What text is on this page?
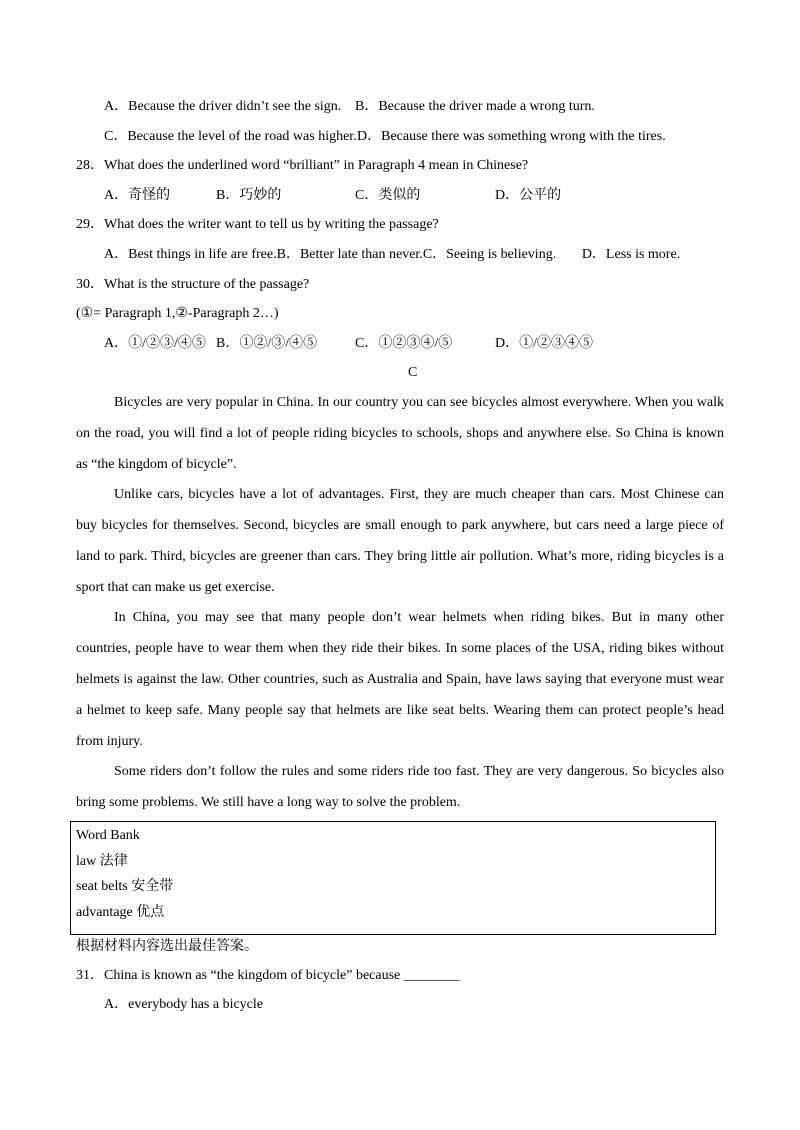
A．Because the driver didn’t see the sign. B．Because the driver made a wrong turn.
C．Because the level of the road was higher. D．Because there was something wrong with the tires.
28．What does the underlined word “brilliant” in Paragraph 4 mean in Chinese?
A．奇怪的	B．巧妙的	C．类似的	D．公平的
29．What does the writer want to tell us by writing the passage?
A．Best things in life are free. B．Better late than never. C．Seeing is believing.	D．Less is more.
30．What is the structure of the passage?
(①= Paragraph 1,②-Paragraph 2…)
A．①/②③/④⑤ B．①②/③/④⑤	C．①②③④/⑤	D．①/②③④⑤
C
Bicycles are very popular in China. In our country you can see bicycles almost everywhere. When you walk
on the road, you will find a lot of people riding bicycles to schools, shops and anywhere else. So China is known
as “the kingdom of bicycle”.
Unlike cars, bicycles have a lot of advantages. First, they are much cheaper than cars. Most Chinese can
buy bicycles for themselves. Second, bicycles are small enough to park anywhere, but cars need a large piece of
land to park. Third, bicycles are greener than cars. They bring little air pollution. What’s more, riding bicycles is a
sport that can make us get exercise.
In China, you may see that many people don’t wear helmets when riding bikes. But in many other
countries, people have to wear them when they ride their bikes. In some places of the USA, riding bikes without
helmets is against the law. Other countries, such as Australia and Spain, have laws saying that everyone must wear
a helmet to keep safe. Many people say that helmets are like seat belts. Wearing them can protect people’s head
from injury.
Some riders don’t follow the rules and some riders ride too fast. They are very dangerous. So bicycles also
bring some problems. We still have a long way to solve the problem.
Word Bank
law 法律
seat belts 安全带
advantage 优点
根据材料内容选出最佳答案。
31．China is known as “the kingdom of bicycle” because ________
A．everybody has a bicycle
